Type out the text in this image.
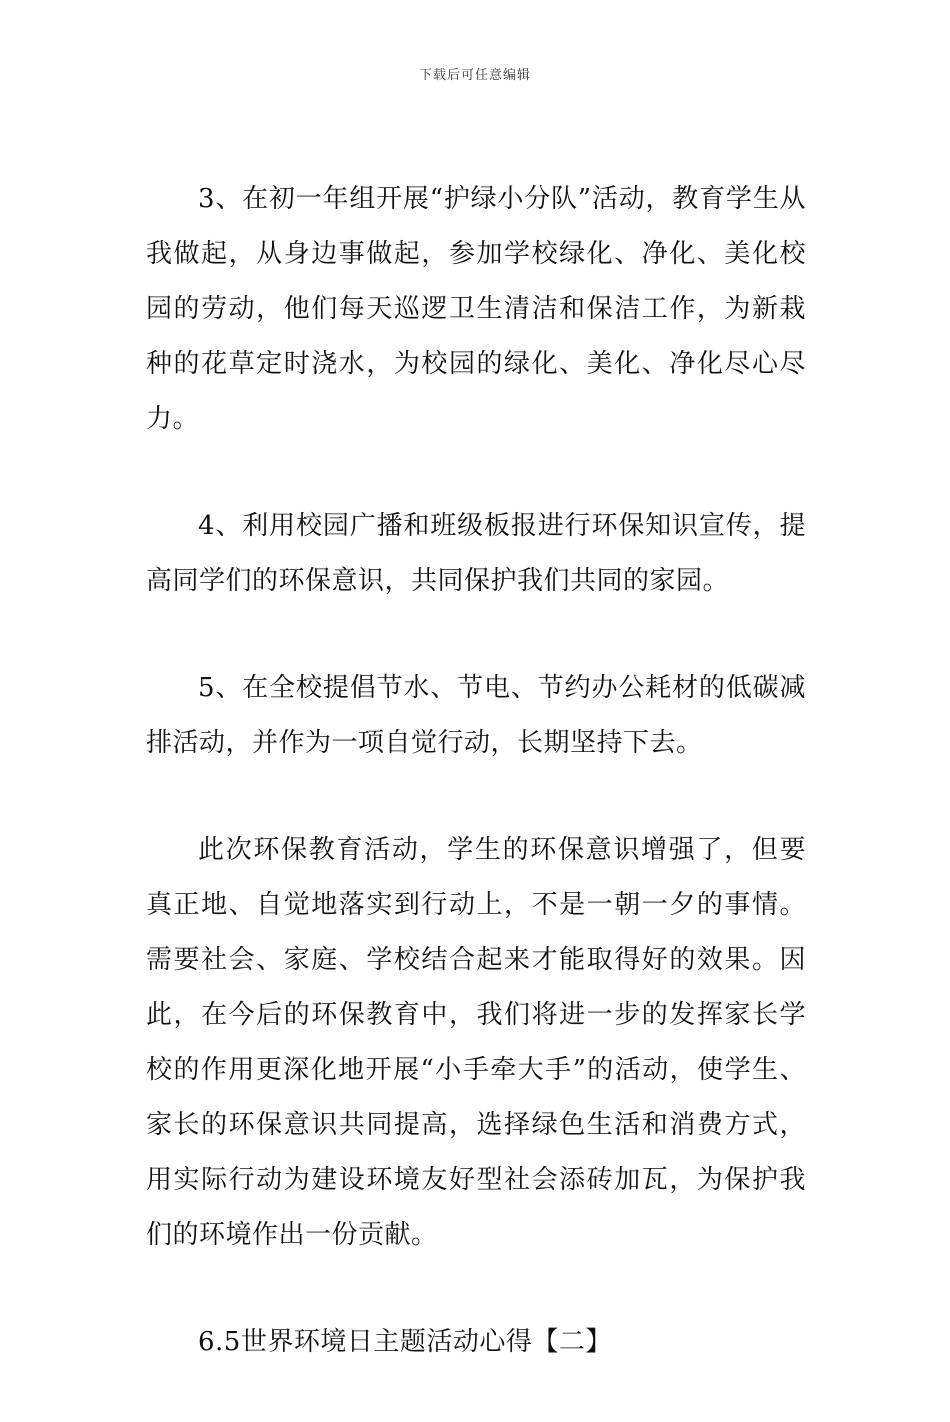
下载后可任意编辑

3、在初一年组开展“护绿小分队”活动，教育学生从我做起，从身边事做起，参加学校绿化、净化、美化校园的劳动，他们每天巡逻卫生清洁和保洁工作，为新栽种的花草定时浇水，为校园的绿化、美化、净化尽心尽力。

4、利用校园广播和班级板报进行环保知识宣传，提高同学们的环保意识，共同保护我们共同的家园。

5、在全校提倡节水、节电、节约办公耗材的低碳减排活动，并作为一项自觉行动，长期坚持下去。

此次环保教育活动，学生的环保意识增强了，但要真正地、自觉地落实到行动上，不是一朝一夕的事情。需要社会、家庭、学校结合起来才能取得好的效果。因此，在今后的环保教育中，我们将进一步的发挥家长学校的作用更深化地开展“小手牵大手”的活动，使学生、家长的环保意识共同提高，选择绿色生活和消费方式，用实际行动为建设环境友好型社会添砖加瓦，为保护我们的环境作出一份贡献。

6.5世界环境日主题活动心得【二】
